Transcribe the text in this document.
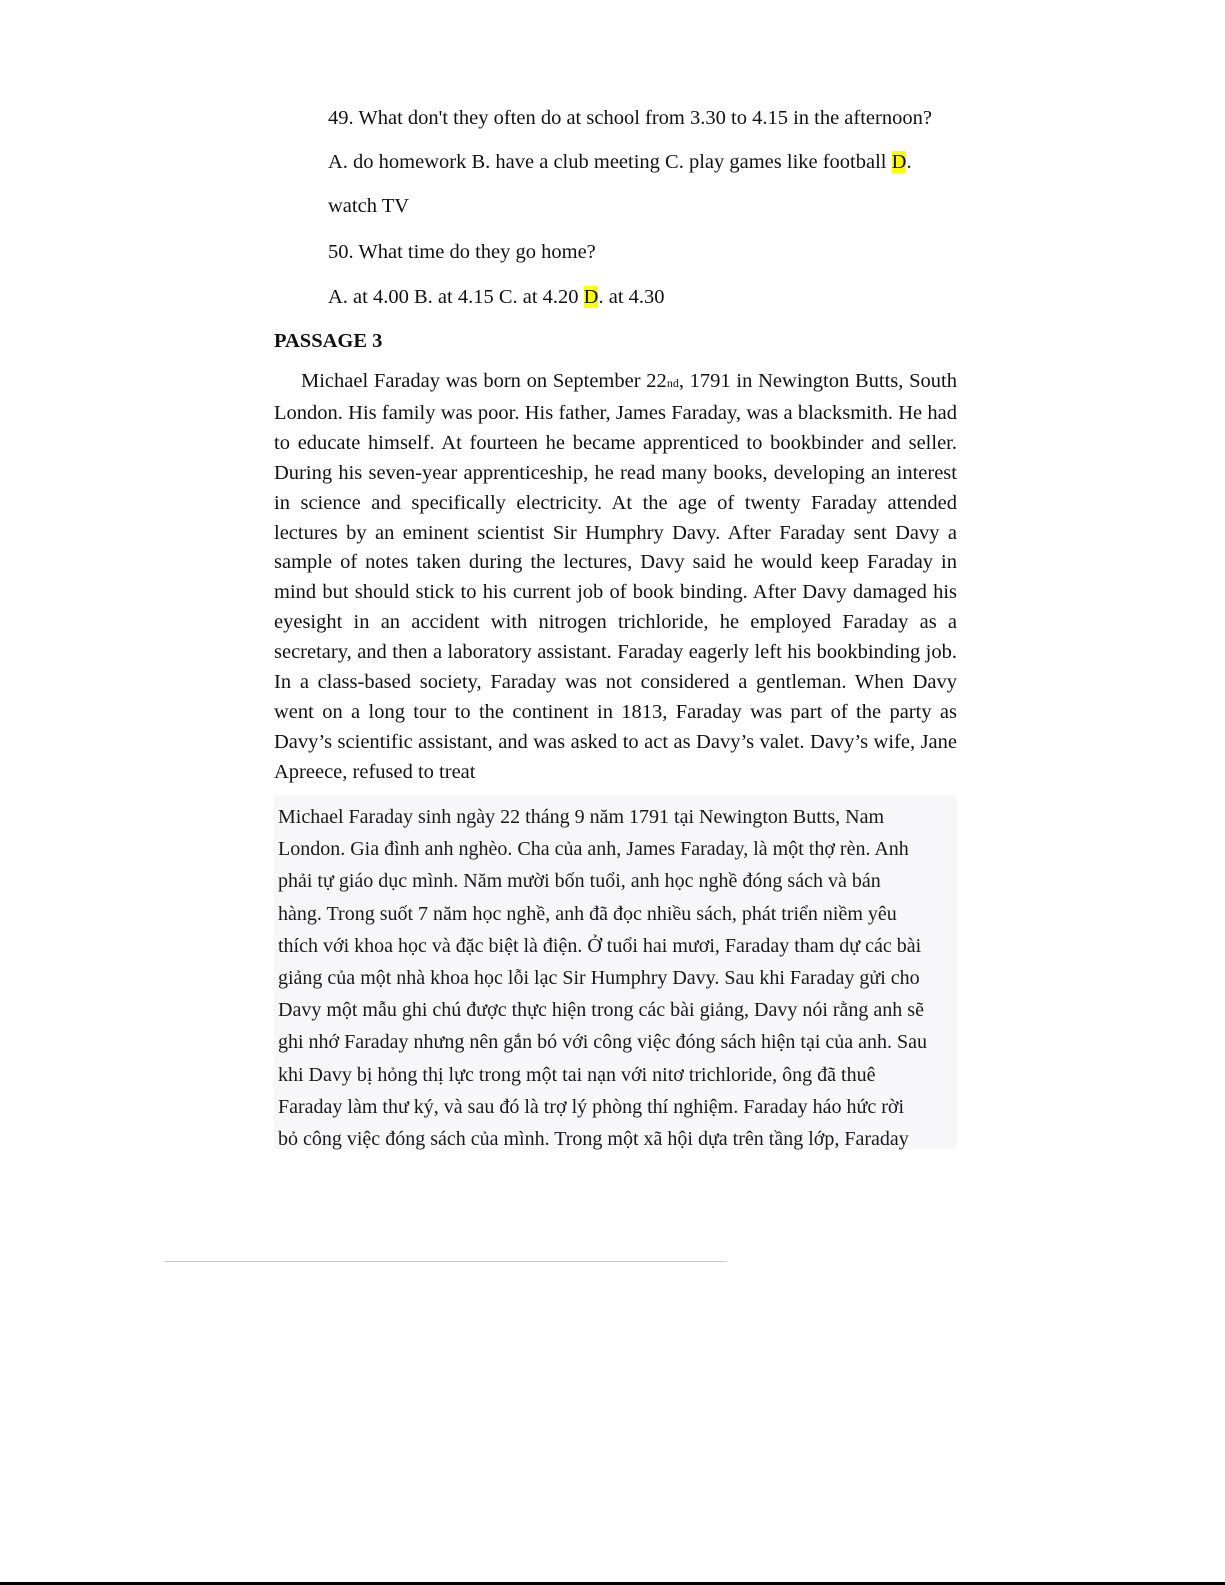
49. What don't they often do at school from 3.30 to 4.15 in the afternoon?
A. do homework B. have a club meeting C. play games like football D.
watch TV
50. What time do they go home?
A. at 4.00 B. at 4.15 C. at 4.20 D. at 4.30
PASSAGE 3

Michael Faraday was born on September 22nd, 1791 in Newington Butts, South London. His family was poor. His father, James Faraday, was a blacksmith. He had to educate himself. At fourteen he became apprenticed to bookbinder and seller. During his seven-year apprenticeship, he read many books, developing an interest in science and specifically electricity. At the age of twenty Faraday attended lectures by an eminent scientist Sir Humphry Davy. After Faraday sent Davy a sample of notes taken during the lectures, Davy said he would keep Faraday in mind but should stick to his current job of book binding. After Davy damaged his eyesight in an accident with nitrogen trichloride, he employed Faraday as a secretary, and then a laboratory assistant. Faraday eagerly left his bookbinding job. In a class-based society, Faraday was not considered a gentleman. When Davy went on a long tour to the continent in 1813, Faraday was part of the party as Davy’s scientific assistant, and was asked to act as Davy’s valet. Davy’s wife, Jane Apreece, refused to treat

Michael Faraday sinh ngày 22 tháng 9 năm 1791 tại Newington Butts, Nam
London. Gia đình anh nghèo. Cha của anh, James Faraday, là một thợ rèn. Anh
phải tự giáo dục mình. Năm mười bốn tuổi, anh học nghề đóng sách và bán
hàng. Trong suốt 7 năm học nghề, anh đã đọc nhiều sách, phát triển niềm yêu
thích với khoa học và đặc biệt là điện. Ở tuổi hai mươi, Faraday tham dự các bài
giảng của một nhà khoa học lỗi lạc Sir Humphry Davy. Sau khi Faraday gửi cho
Davy một mẫu ghi chú được thực hiện trong các bài giảng, Davy nói rằng anh sẽ
ghi nhớ Faraday nhưng nên gắn bó với công việc đóng sách hiện tại của anh. Sau
khi Davy bị hỏng thị lực trong một tai nạn với nitơ trichloride, ông đã thuê
Faraday làm thư ký, và sau đó là trợ lý phòng thí nghiệm. Faraday háo hức rời
bỏ công việc đóng sách của mình. Trong một xã hội dựa trên tầng lớp, Faraday
